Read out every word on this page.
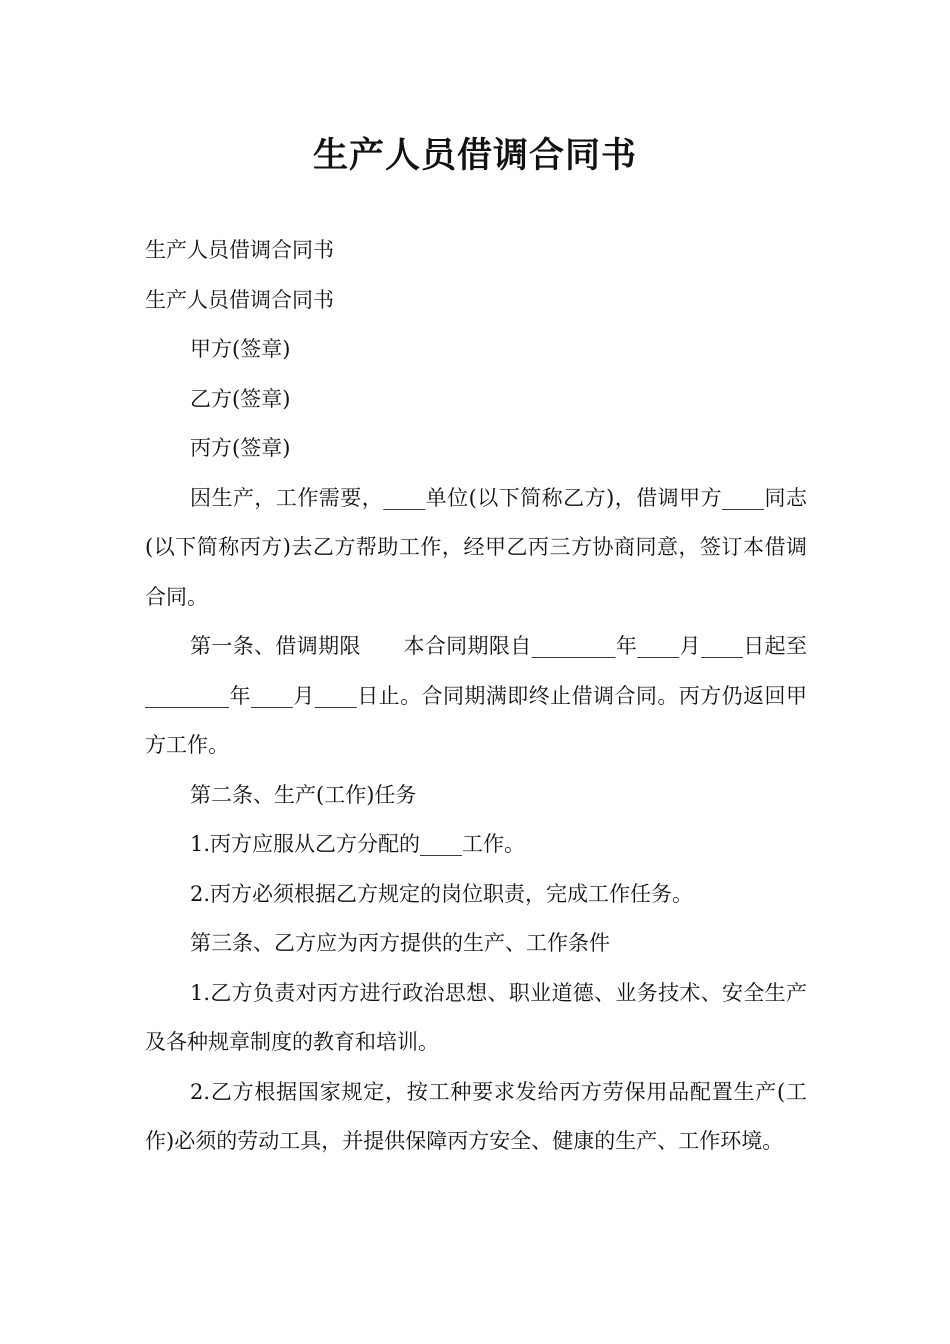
生产人员借调合同书

生产人员借调合同书

生产人员借调合同书

甲方(签章)

乙方(签章)

丙方(签章)

因生产，工作需要，____单位(以下简称乙方)，借调甲方____同志(以下简称丙方)去乙方帮助工作，经甲乙丙三方协商同意，签订本借调合同。

第一条、借调期限　　本合同期限自________年____月____日起至________年____月____日止。合同期满即终止借调合同。丙方仍返回甲方工作。

第二条、生产(工作)任务

1.丙方应服从乙方分配的____工作。

2.丙方必须根据乙方规定的岗位职责，完成工作任务。

第三条、乙方应为丙方提供的生产、工作条件

1.乙方负责对丙方进行政治思想、职业道德、业务技术、安全生产及各种规章制度的教育和培训。

2.乙方根据国家规定，按工种要求发给丙方劳保用品配置生产(工作)必须的劳动工具，并提供保障丙方安全、健康的生产、工作环境。
